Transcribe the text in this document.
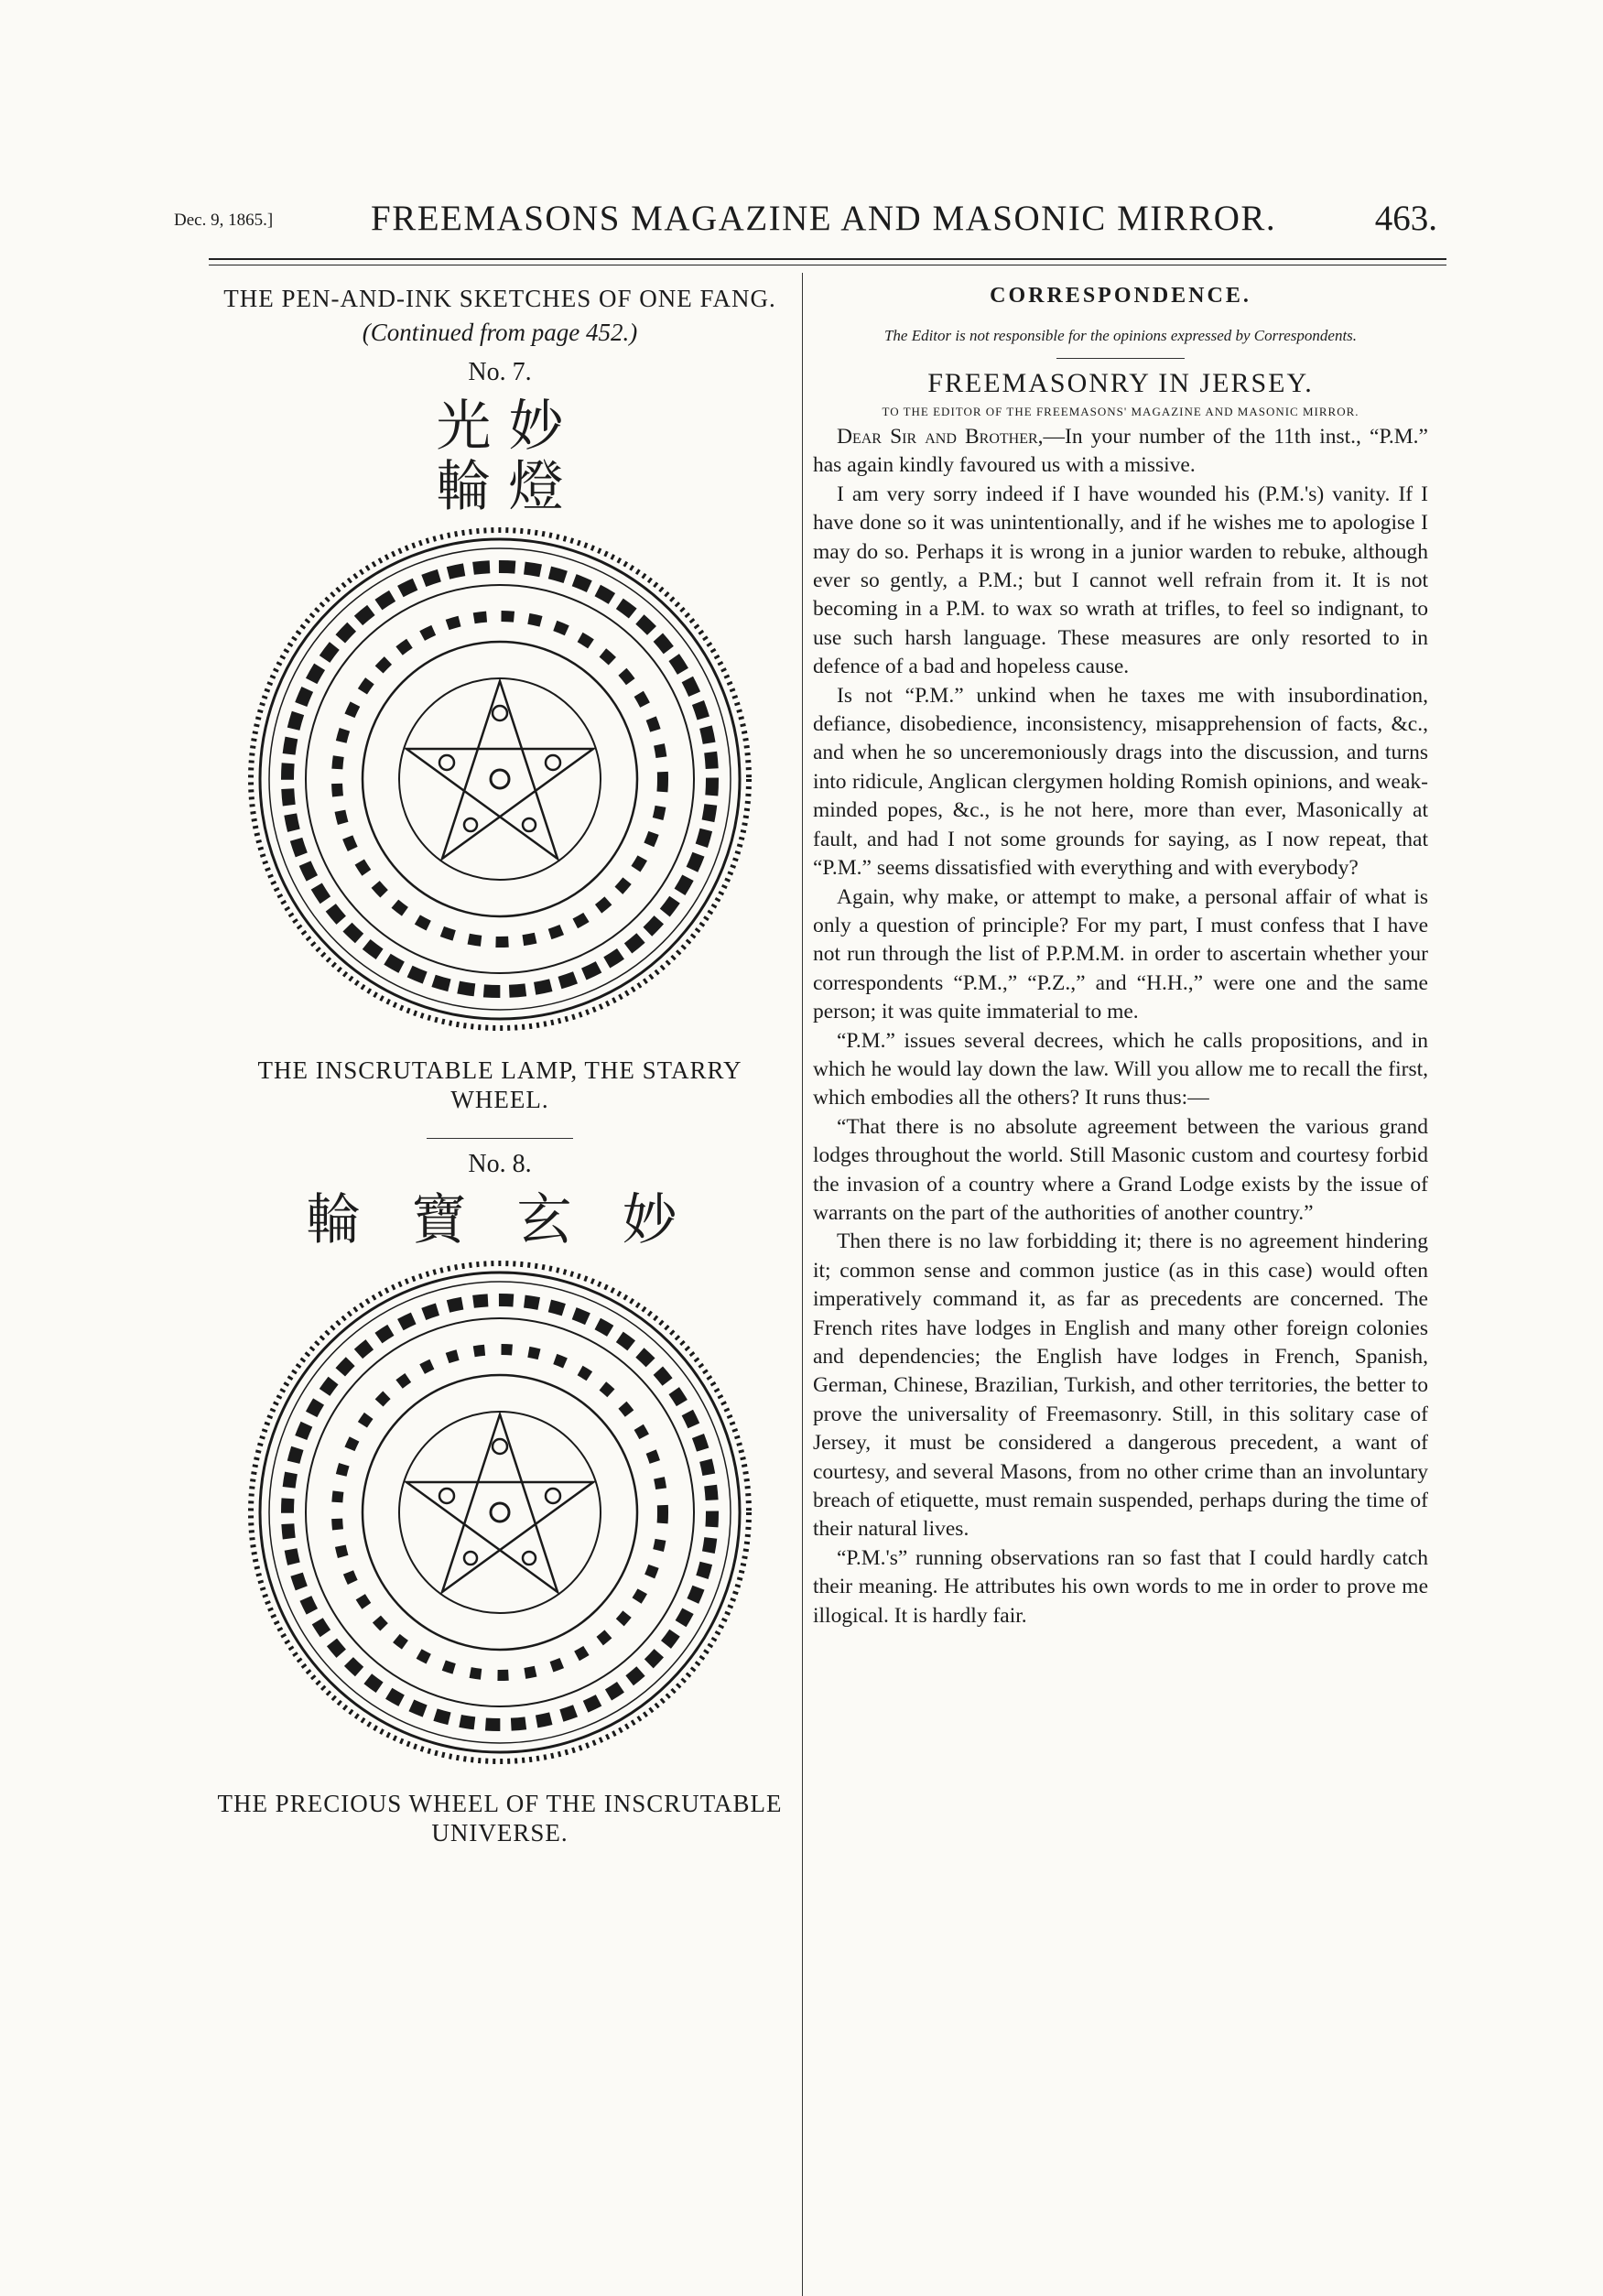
Dec. 9, 1865.]	FREEMASONS MAGAZINE AND MASONIC MIRROR.	463.
THE PEN-AND-INK SKETCHES OF ONE FANG.
(Continued from page 452.)
No. 7.
光 妙
輪 燈
THE INSCRUTABLE LAMP, THE STARRY WHEEL.
No. 8.
輪 寶 玄 妙
THE PRECIOUS WHEEL OF THE INSCRUTABLE UNIVERSE.
CORRESPONDENCE.
The Editor is not responsible for the opinions expressed by Correspondents.
FREEMASONRY IN JERSEY.
TO THE EDITOR OF THE FREEMASONS' MAGAZINE AND MASONIC MIRROR.

Dear Sir and Brother,—In your number of the 11th inst., “P.M.” has again kindly favoured us with a missive.

I am very sorry indeed if I have wounded his (P.M.'s) vanity. If I have done so it was unintentionally, and if he wishes me to apologise I may do so. Perhaps it is wrong in a junior warden to rebuke, although ever so gently, a P.M.; but I cannot well refrain from it. It is not becoming in a P.M. to wax so wrath at trifles, to feel so indignant, to use such harsh language. These measures are only resorted to in defence of a bad and hopeless cause.

Is not “P.M.” unkind when he taxes me with insubordination, defiance, disobedience, inconsistency, misapprehension of facts, &c., and when he so unceremoniously drags into the discussion, and turns into ridicule, Anglican clergymen holding Romish opinions, and weak-minded popes, &c., is he not here, more than ever, Masonically at fault, and had I not some grounds for saying, as I now repeat, that “P.M.” seems dissatisfied with everything and with everybody?

Again, why make, or attempt to make, a personal affair of what is only a question of principle? For my part, I must confess that I have not run through the list of P.P.M.M. in order to ascertain whether your correspondents “P.M.,” “P.Z.,” and “H.H.,” were one and the same person; it was quite immaterial to me.

“P.M.” issues several decrees, which he calls propositions, and in which he would lay down the law. Will you allow me to recall the first, which embodies all the others? It runs thus:—

“That there is no absolute agreement between the various grand lodges throughout the world. Still Masonic custom and courtesy forbid the invasion of a country where a Grand Lodge exists by the issue of warrants on the part of the authorities of another country.”

Then there is no law forbidding it; there is no agreement hindering it; common sense and common justice (as in this case) would often imperatively command it, as far as precedents are concerned. The French rites have lodges in English and many other foreign colonies and dependencies; the English have lodges in French, Spanish, German, Chinese, Brazilian, Turkish, and other territories, the better to prove the universality of Freemasonry. Still, in this solitary case of Jersey, it must be considered a dangerous precedent, a want of courtesy, and several Masons, from no other crime than an involuntary breach of etiquette, must remain suspended, perhaps during the time of their natural lives.

“P.M.'s” running observations ran so fast that I could hardly catch their meaning. He attributes his own words to me in order to prove me illogical. It is hardly fair.
